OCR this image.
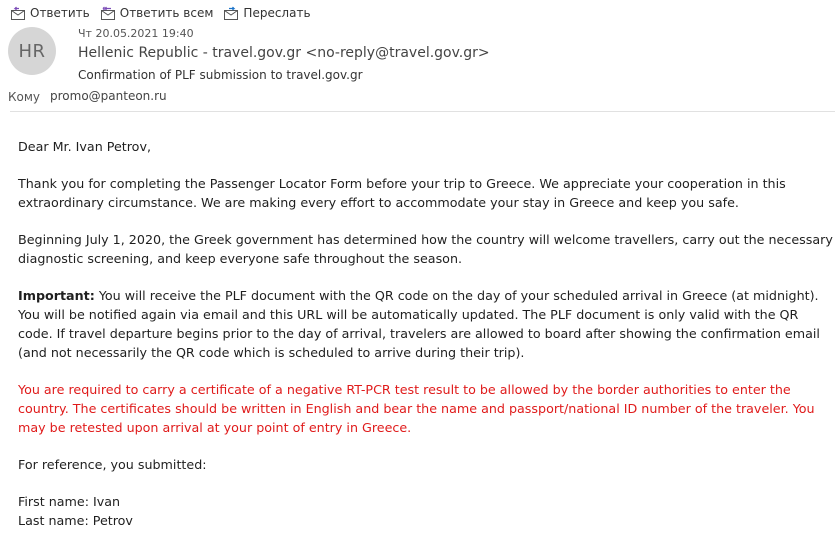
Ответить	Ответить всем	Переслать
HR
Чт 20.05.2021 19:40
Hellenic Republic - travel.gov.gr <no-reply@travel.gov.gr>
Confirmation of PLF submission to travel.gov.gr
Кому promo@panteon.ru

Dear Mr. Ivan Petrov,

Thank you for completing the Passenger Locator Form before your trip to Greece. We appreciate your cooperation in this extraordinary circumstance. We are making every effort to accommodate your stay in Greece and keep you safe.

Beginning July 1, 2020, the Greek government has determined how the country will welcome travellers, carry out the necessary diagnostic screening, and keep everyone safe throughout the season.

Important: You will receive the PLF document with the QR code on the day of your scheduled arrival in Greece (at midnight). You will be notified again via email and this URL will be automatically updated. The PLF document is only valid with the QR code. If travel departure begins prior to the day of arrival, travelers are allowed to board after showing the confirmation email (and not necessarily the QR code which is scheduled to arrive during their trip).

You are required to carry a certificate of a negative RT-PCR test result to be allowed by the border authorities to enter the country. The certificates should be written in English and bear the name and passport/national ID number of the traveler. You may be retested upon arrival at your point of entry in Greece.

For reference, you submitted:

First name: Ivan
Last name: Petrov
